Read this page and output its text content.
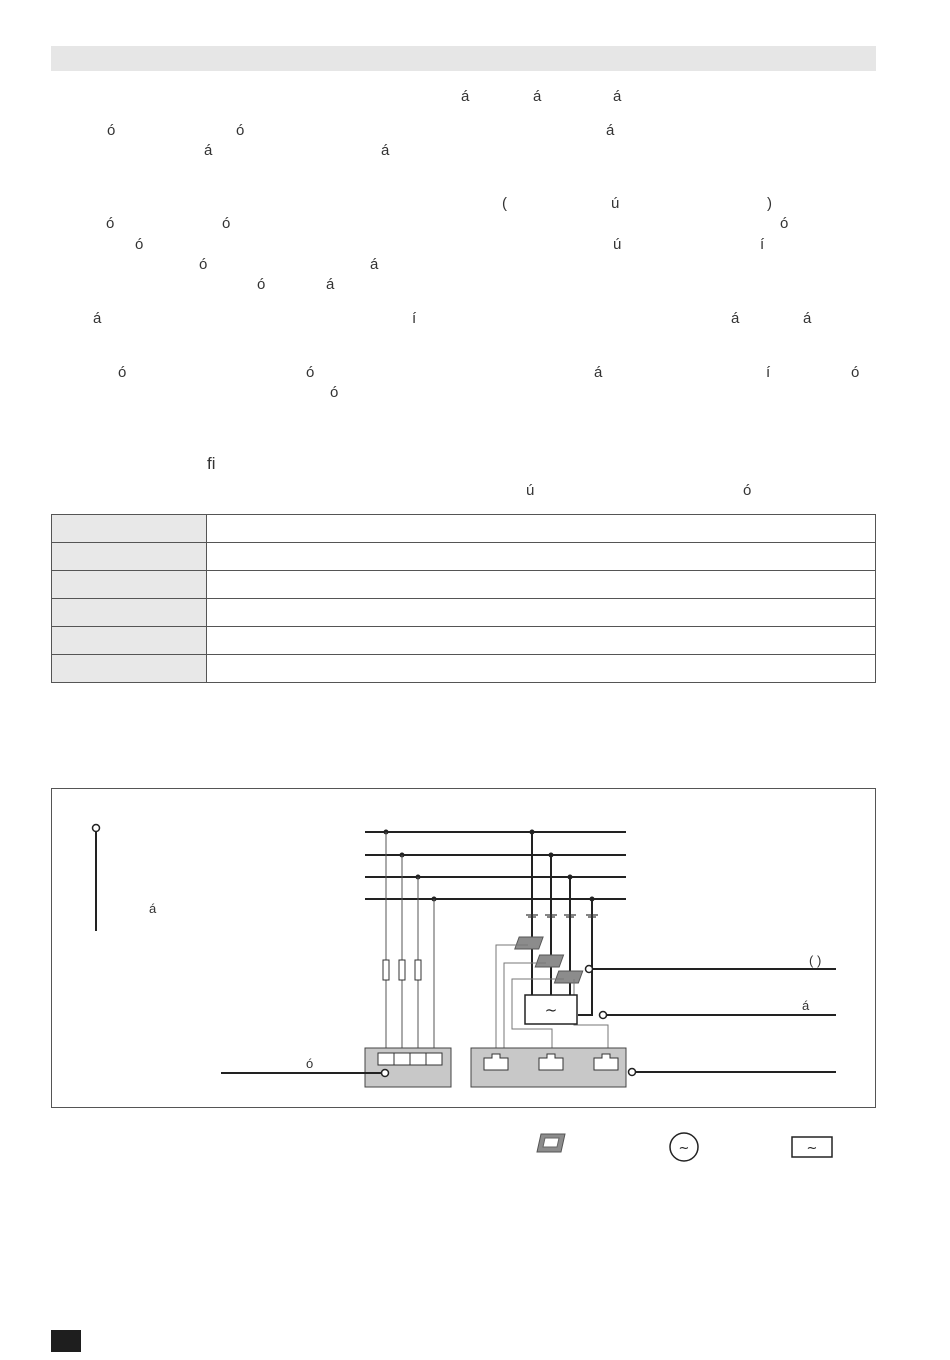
á	á	á
ó	ó	á
á	á
(	ú	)
ó	ó	ó
ó	ú	í
ó	á
ó	á
á	í	á	á
ó	ó	á	í	ó
ó
ﬁ
ú	ó

á
~
( )
á
ó
~	~
